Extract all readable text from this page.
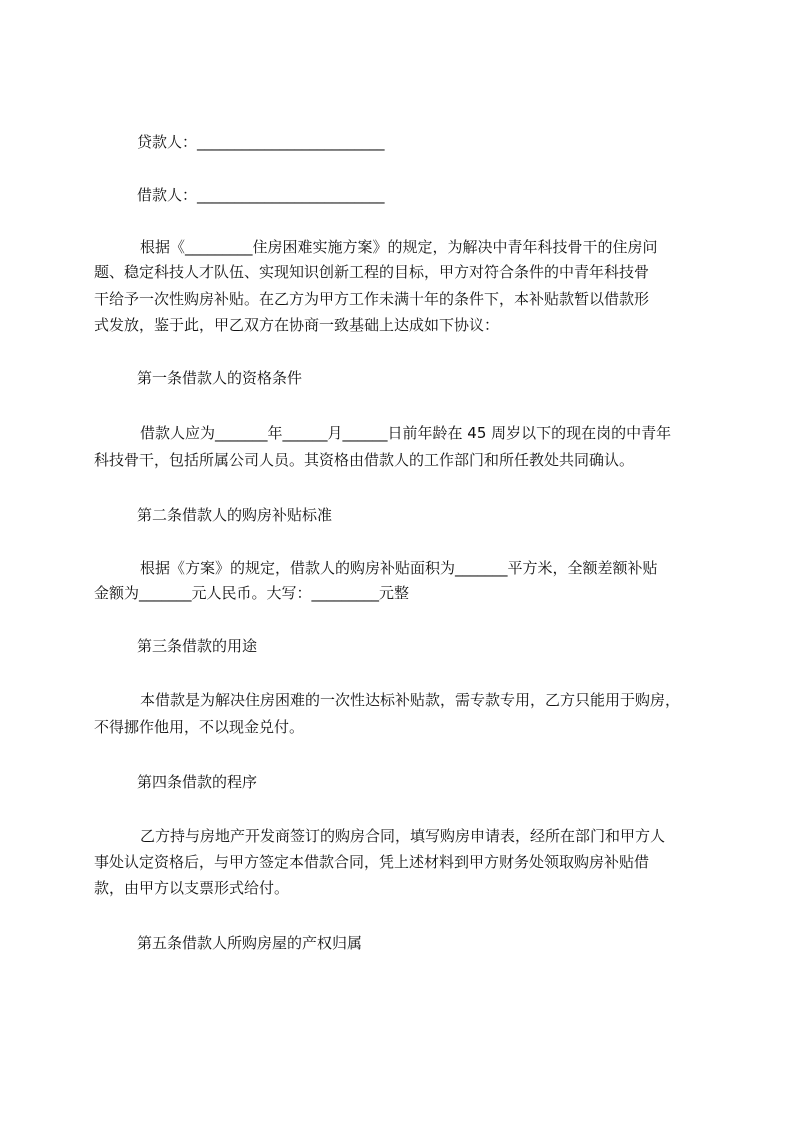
贷款人：_________________________
借款人：_________________________
根据《_________住房困难实施方案》的规定，为解决中青年科技骨干的住房问
题、稳定科技人才队伍、实现知识创新工程的目标，甲方对符合条件的中青年科技骨
干给予一次性购房补贴。在乙方为甲方工作未满十年的条件下，本补贴款暂以借款形
式发放，鉴于此，甲乙双方在协商一致基础上达成如下协议：
第一条借款人的资格条件
借款人应为_______年______月______日前年龄在 45 周岁以下的现在岗的中青年
科技骨干，包括所属公司人员。其资格由借款人的工作部门和所任教处共同确认。
第二条借款人的购房补贴标准
根据《方案》的规定，借款人的购房补贴面积为_______平方米，全额差额补贴
金额为_______元人民币。大写：_________元整
第三条借款的用途
本借款是为解决住房困难的一次性达标补贴款，需专款专用，乙方只能用于购房，
不得挪作他用，不以现金兑付。
第四条借款的程序
乙方持与房地产开发商签订的购房合同，填写购房申请表，经所在部门和甲方人
事处认定资格后，与甲方签定本借款合同，凭上述材料到甲方财务处领取购房补贴借
款，由甲方以支票形式给付。
第五条借款人所购房屋的产权归属
